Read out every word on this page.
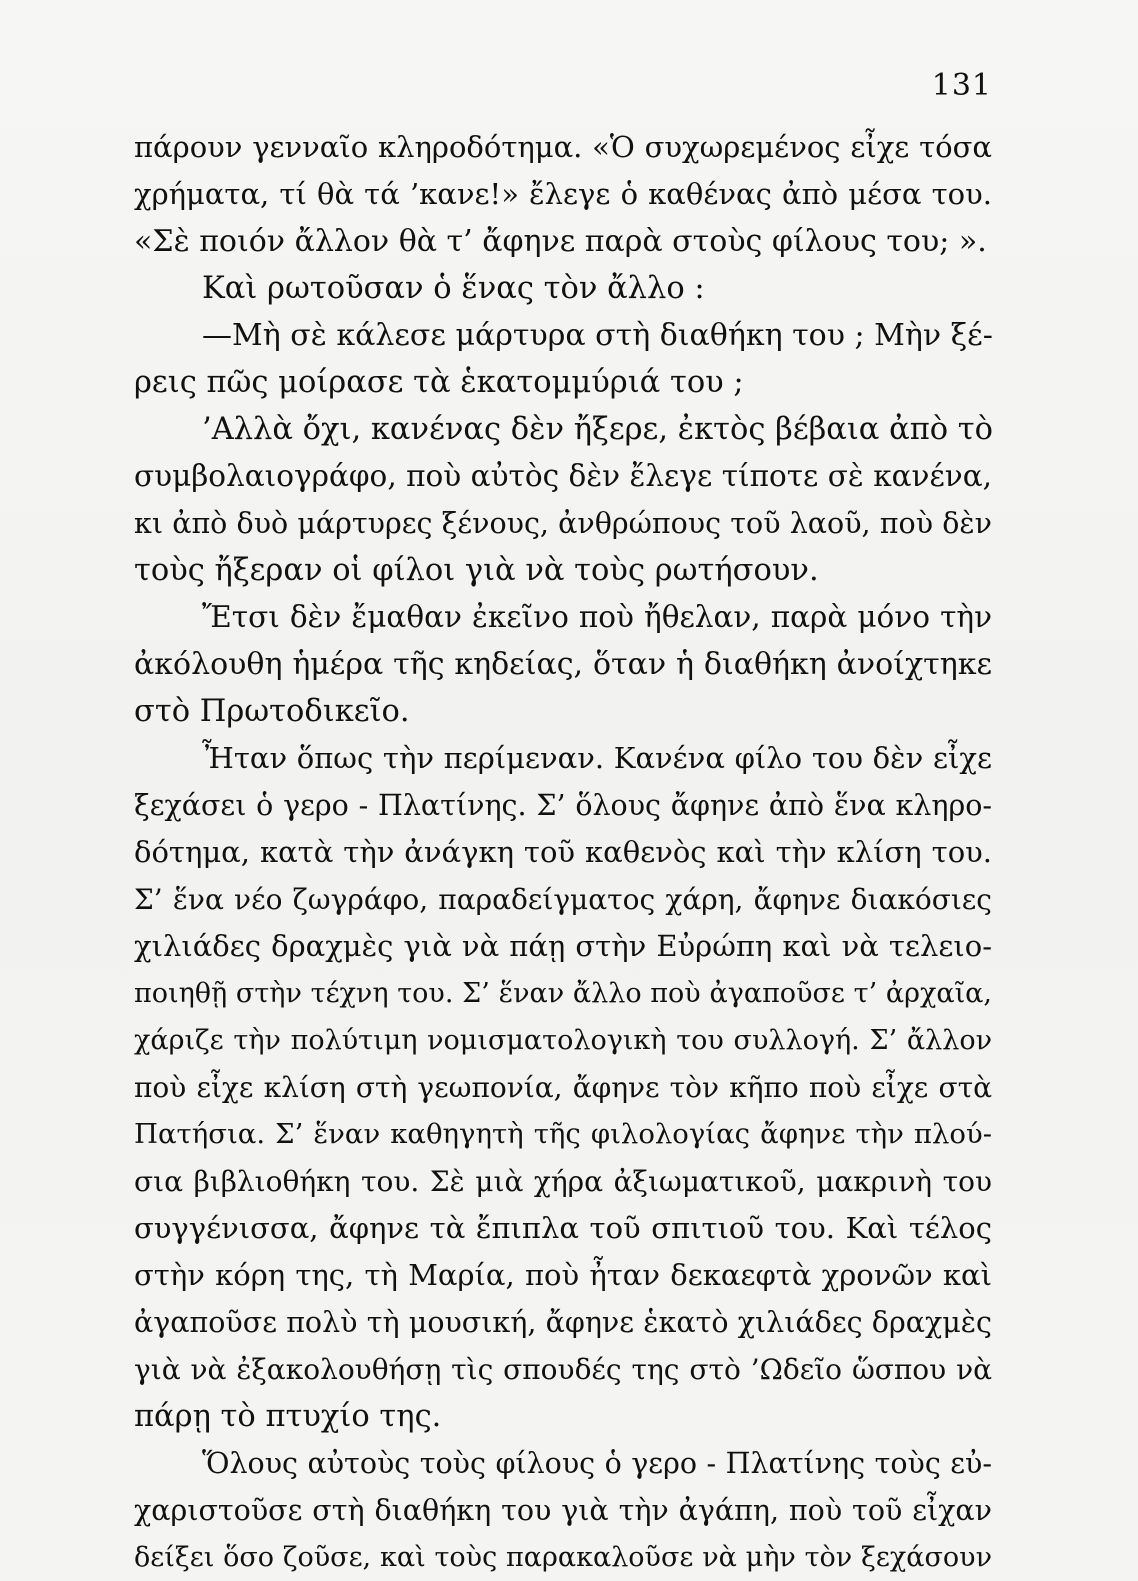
131
πάρουν γενναῖο κληροδότημα. «Ὁ συχωρεμένος εἶχε τόσα
χρήματα, τί θὰ τά ’κανε!» ἔλεγε ὁ καθένας ἀπὸ μέσα του.
«Σὲ ποιόν ἄλλον θὰ τ’ ἄφηνε παρὰ στοὺς φίλους του; ».
Καὶ ρωτοῦσαν ὁ ἕνας τὸν ἄλλο :
—Μὴ σὲ κάλεσε μάρτυρα στὴ διαθήκη του ; Μὴν ξέ-
ρεις πῶς μοίρασε τὰ ἑκατομμύριά του ;
’Αλλὰ ὄχι, κανένας δὲν ἤξερε, ἐκτὸς βέβαια ἀπὸ τὸ
συμβολαιογράφο, ποὺ αὐτὸς δὲν ἔλεγε τίποτε σὲ κανένα,
κι ἀπὸ δυὸ μάρτυρες ξένους, ἀνθρώπους τοῦ λαοῦ, ποὺ δὲν
τοὺς ἤξεραν οἱ φίλοι γιὰ νὰ τοὺς ρωτήσουν.
Ἔτσι δὲν ἔμαθαν ἐκεῖνο ποὺ ἤθελαν, παρὰ μόνο τὴν
ἀκόλουθη ἡμέρα τῆς κηδείας, ὅταν ἡ διαθήκη ἀνοίχτηκε
στὸ Πρωτοδικεῖο.
Ἦταν ὅπως τὴν περίμεναν. Κανένα φίλο του δὲν εἶχε
ξεχάσει ὁ γερο - Πλατίνης. Σ’ ὅλους ἄφηνε ἀπὸ ἕνα κληρο-
δότημα, κατὰ τὴν ἀνάγκη τοῦ καθενὸς καὶ τὴν κλίση του.
Σ’ ἕνα νέο ζωγράφο, παραδείγματος χάρη, ἄφηνε διακόσιες
χιλιάδες δραχμὲς γιὰ νὰ πάῃ στὴν Εὐρώπη καὶ νὰ τελειο-
ποιηθῇ στὴν τέχνη του. Σ’ ἕναν ἄλλο ποὺ ἀγαποῦσε τ’ ἀρχαῖα,
χάριζε τὴν πολύτιμη νομισματολογικὴ του συλλογή. Σ’ ἄλλον
ποὺ εἶχε κλίση στὴ γεωπονία, ἄφηνε τὸν κῆπο ποὺ εἶχε στὰ
Πατήσια. Σ’ ἕναν καθηγητὴ τῆς φιλολογίας ἄφηνε τὴν πλού-
σια βιβλιοθήκη του. Σὲ μιὰ χήρα ἀξιωματικοῦ, μακρινὴ του
συγγένισσα, ἄφηνε τὰ ἔπιπλα τοῦ σπιτιοῦ του. Καὶ τέλος
στὴν κόρη της, τὴ Μαρία, ποὺ ἦταν δεκαεφτὰ χρονῶν καὶ
ἀγαποῦσε πολὺ τὴ μουσική, ἄφηνε ἑκατὸ χιλιάδες δραχμὲς
γιὰ νὰ ἐξακολουθήσῃ τὶς σπουδές της στὸ ’Ωδεῖο ὥσπου νὰ
πάρῃ τὸ πτυχίο της.
Ὅλους αὐτοὺς τοὺς φίλους ὁ γερο - Πλατίνης τοὺς εὐ-
χαριστοῦσε στὴ διαθήκη του γιὰ τὴν ἀγάπη, ποὺ τοῦ εἶχαν
δείξει ὅσο ζοῦσε, καὶ τοὺς παρακαλοῦσε νὰ μὴν τὸν ξεχάσουν
